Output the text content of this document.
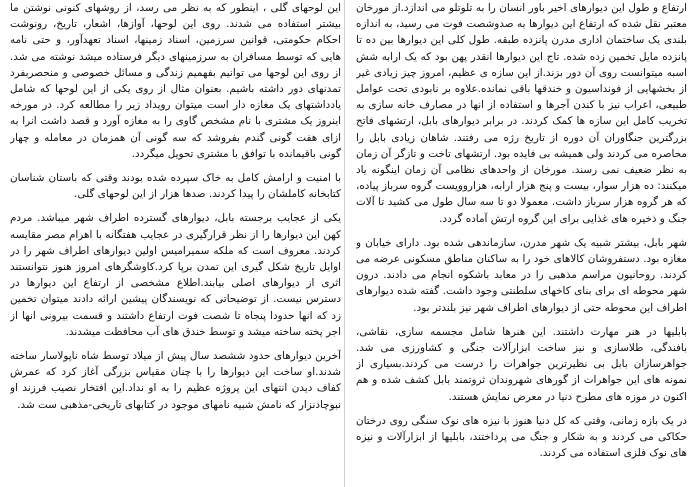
ارتفاع و طول این دیوارهای اخیر باور انسان را به تلوتلو می اندازد.از مورخان معتبر نقل شده که ارتفاع این دیوارها به صدوشصت فوت می رسید، به اندازه بلندی یک ساختمان اداری مدرن پانزده طبقه. طول کلی این دیوارها بین ده تا پانزده مایل تخمین زده شده. تاج این دیوارها انقدر پهن بود که یک ارابه شش اسبه میتوانست روی آن دور بزند.از این سازه ی عظیم، امروز چیز زیادی غیر از بخشهایی از فونداسیون و خندقها باقی نمانده.علاوه بر نابودی تحت عوامل طبیعی، اعراب نیز با کندن آجرها و استفاده از انها در مصارف خانه سازی به تخریب کامل این سازه ها کمک کردند. در برابر دیوارهای بابل، ارتشهای فاتح بزرگترین جنگاوران آن دوره از تاریخ رژه می رفتند. شاهان زیادی بابل را محاصره می کردند ولی همیشه بی فایده بود. ارتشهای تاخت و تازگر آن زمان به نظر ضعیف نمی رسند. مورخان از واحدهای نظامی آن زمان اینگونه یاد میکنند: ده هزار سوار، بیست و پنج هزار ارابه، هزاروویست گروه سرباز پیاده، که هر گروه هزار سرباز داشت. معمولا دو تا سه سال طول می کشید تا آلات جنگ و ذخیره های غذایی برای این گروه ارتش آماده گردد.

شهر بابل، بیشتر شبیه یک شهر مدرن، سازماندهی شده بود. دارای خیابان و مغازه بود. دستفروشان کالاهای خود را به ساکنان مناطق مسکونی عرضه می کردند. روحانیون مراسم مذهبی را در معابد باشکوه انجام می دادند. درون شهر محوطه ای برای بنای کاخهای سلطنتی وجود داشت. گفته شده دیوارهای اطراف این محوطه حتی از دیوارهای اطراف شهر نیز بلندتر بود.

بابلیها در هنر مهارت داشتند. این هنرها شامل مجسمه سازی، نقاشی، بافندگی، طلاسازی و نیز ساخت ابزارآلات جنگی و کشاورزی می شد. جواهرسازان بابل بی نظیرترین جواهرات را درست می کردند.بسیاری از نمونه های این جواهرات از گورهای شهروندان ثروتمند بابل کشف شده و هم اکنون در موزه های مطرح دنیا در معرض نمایش هستند.

در یک بازه زمانی، وقتی که کل دنیا هنوز با نیزه های نوک سنگی روی درختان حکاکی می کردند و به شکار و جنگ می پرداختند، بابلیها از ابزارآلات و نیزه های نوک فلزی استفاده می کردند.

این لوحهای گلی ، اینطور که به نظر می رسد، از روشهای کنونی نوشتن ما بیشتر استفاده می شدند. روی این لوحها، آوازها، اشعار، تاریخ، رونوشت احکام حکومتی، قوانین سرزمین، اسناد زمینها، اسناد تعهدآور، و حتی نامه هایی که توسط مسافران به سرزمینهای دیگر فرستاده میشد نوشته می شد. از روی این لوحها می توانیم بفهمیم زندگی و مسائل خصوصی و منحصربفرد تمدنهای دور داشته باشیم. بعنوان مثال از روی یکی از این لوحها که شامل یادداشتهای یک مغازه دار است میتوان رویداد زیر را مطالعه کرد. در مورخه اینروز یک مشتری با نام مشخص گاوی را به مغازه آورد و قصد داشت انرا به ازای هفت گونی گندم بفروشد که سه گونی آن همزمان در معامله و چهار گونی باقیمانده با توافق با مشتری تحویل میگردد.

با امنیت و ارامش کامل به خاک سپرده شده بودند وقتی که باستان شناسان کتابخانه کاملشان را پیدا کردند. صدها هزار از این لوحهای گلی.

یکی از عجایب برجسته بابل، دیوارهای گسترده اطراف شهر میباشد. مردم کهن این دیوارها را از نظر قرارگیری در عجایب هفتگانه با اهرام مصر مقایسه کردند. معروف است که ملکه سمیرامیس اولین دیوارهای اطراف شهر را در اوایل تاریخ شکل گیری این تمدن برپا کرد.کاوشگرهای امروز هنوز نتوانستند اثری از دیوارهای اصلی بیابند.اطلاع مشخصی از ارتفاع این دیوارها در دسترس نیست. از توضیحاتی که نویسندگان پیشین ارائه دادند میتوان تخمین زد که انها حدودا پنجاه تا شصت فوت ارتفاع داشتند و قسمت بیرونی انها از اجر پخته ساخته میشد و توسط خندق های آب محافظت میشدند.

آخرین دیوارهای حدود ششصد سال پیش از میلاد توسط شاه ناپولاسار ساخته شدند.او ساخت این دیوارها را با چنان مقیاس بزرگی آغاز کرد که عمرش کفاف دیدن انتهای این پروژه عظیم را به او نداد.این افتخار نصیب فرزند او نبوچادنزار که نامش شبیه نامهای موجود در کتابهای تاریخی-مذهبی ست شد.
